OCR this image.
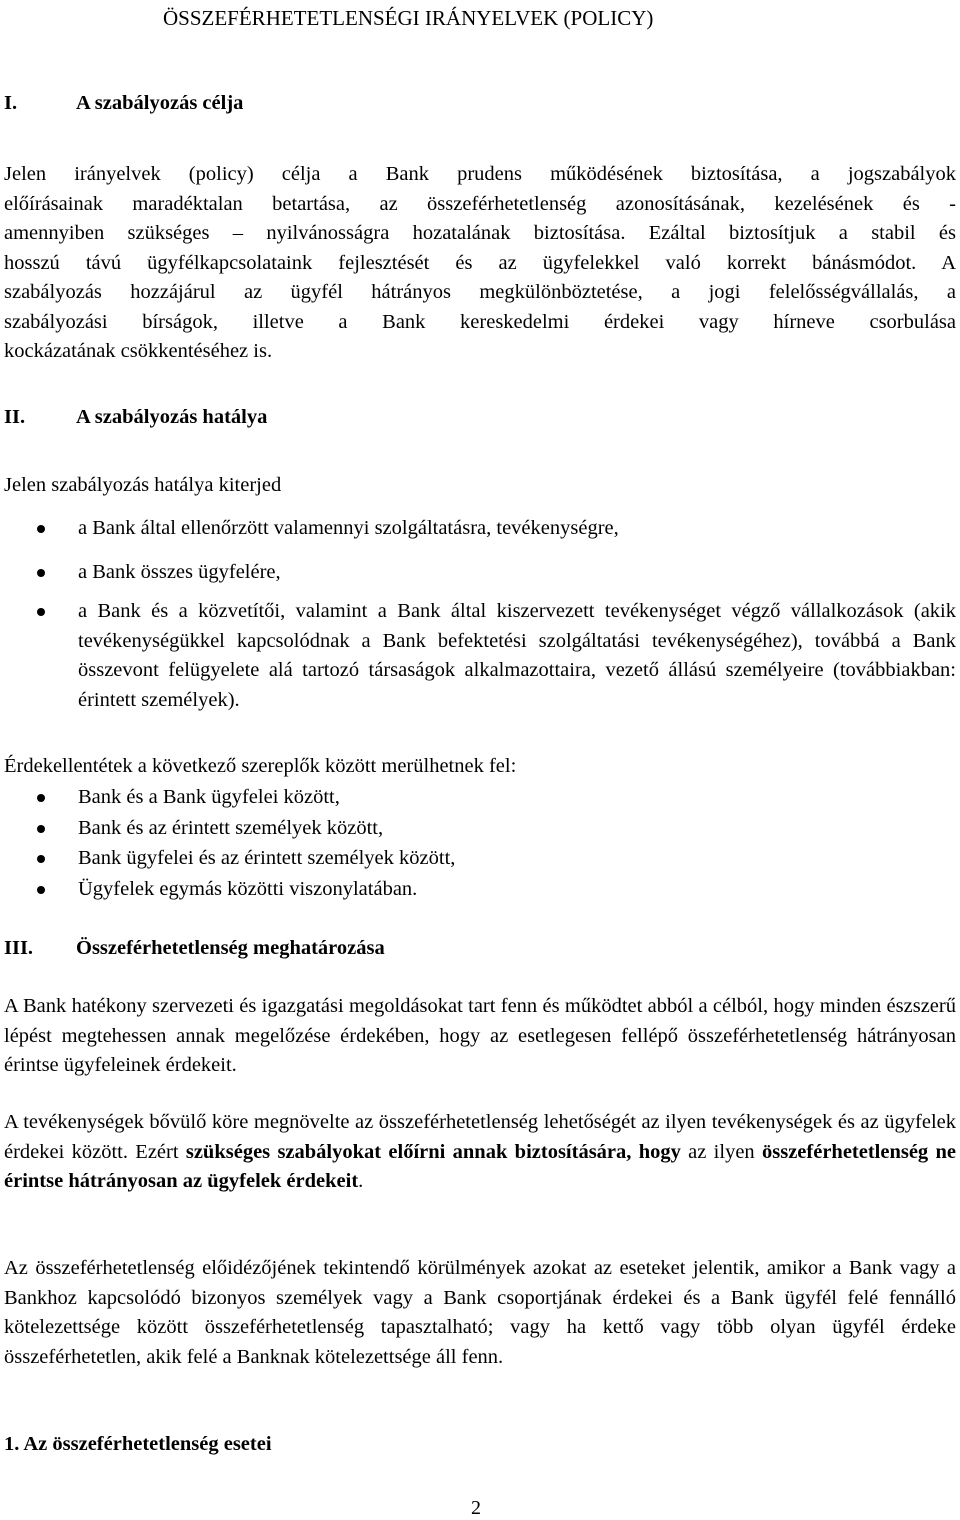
ÖSSZEFÉRHETETLENSÉGI IRÁNYELVEK (POLICY)
I.	A szabályozás célja
Jelen irányelvek (policy) célja a Bank prudens működésének biztosítása, a jogszabályok
előírásainak maradéktalan betartása, az összeférhetetlenség azonosításának, kezelésének és -
amennyiben szükséges – nyilvánosságra hozatalának biztosítása. Ezáltal biztosítjuk a stabil és
hosszú távú ügyfélkapcsolataink fejlesztését és az ügyfelekkel való korrekt bánásmódot. A
szabályozás hozzájárul az ügyfél hátrányos megkülönböztetése, a jogi felelősségvállalás, a
szabályozási bírságok, illetve a Bank kereskedelmi érdekei vagy hírneve csorbulása
kockázatának csökkentéséhez is.
II. A szabályozás hatálya
Jelen szabályozás hatálya kiterjed
a Bank által ellenőrzött valamennyi szolgáltatásra, tevékenységre,
a Bank összes ügyfelére,
a Bank és a közvetítői, valamint a Bank által kiszervezett tevékenységet végző vállalkozások (akik tevékenységükkel kapcsolódnak a Bank befektetési szolgáltatási tevékenységéhez), továbbá a Bank összevont felügyelete alá tartozó társaságok alkalmazottaira, vezető állású személyeire (továbbiakban: érintett személyek).
Érdekellentétek a következő szereplők között merülhetnek fel:
Bank és a Bank ügyfelei között,
Bank és az érintett személyek között,
Bank ügyfelei és az érintett személyek között,
Ügyfelek egymás közötti viszonylatában.
III. Összeférhetetlenség meghatározása
A Bank hatékony szervezeti és igazgatási megoldásokat tart fenn és működtet abból a célból, hogy minden észszerű lépést megtehessen annak megelőzése érdekében, hogy az esetlegesen fellépő összeférhetetlenség hátrányosan érintse ügyfeleinek érdekeit.
A tevékenységek bővülő köre megnövelte az összeférhetetlenség lehetőségét az ilyen tevékenységek és az ügyfelek érdekei között. Ezért szükséges szabályokat előírni annak biztosítására, hogy az ilyen összeférhetetlenség ne érintse hátrányosan az ügyfelek érdekeit.
Az összeférhetetlenség előidézőjének tekintendő körülmények azokat az eseteket jelentik, amikor a Bank vagy a Bankhoz kapcsolódó bizonyos személyek vagy a Bank csoportjának érdekei és a Bank ügyfél felé fennálló kötelezettsége között összeférhetetlenség tapasztalható; vagy ha kettő vagy több olyan ügyfél érdeke összeférhetetlen, akik felé a Banknak kötelezettsége áll fenn.
1. Az összeférhetetlenség esetei
2
